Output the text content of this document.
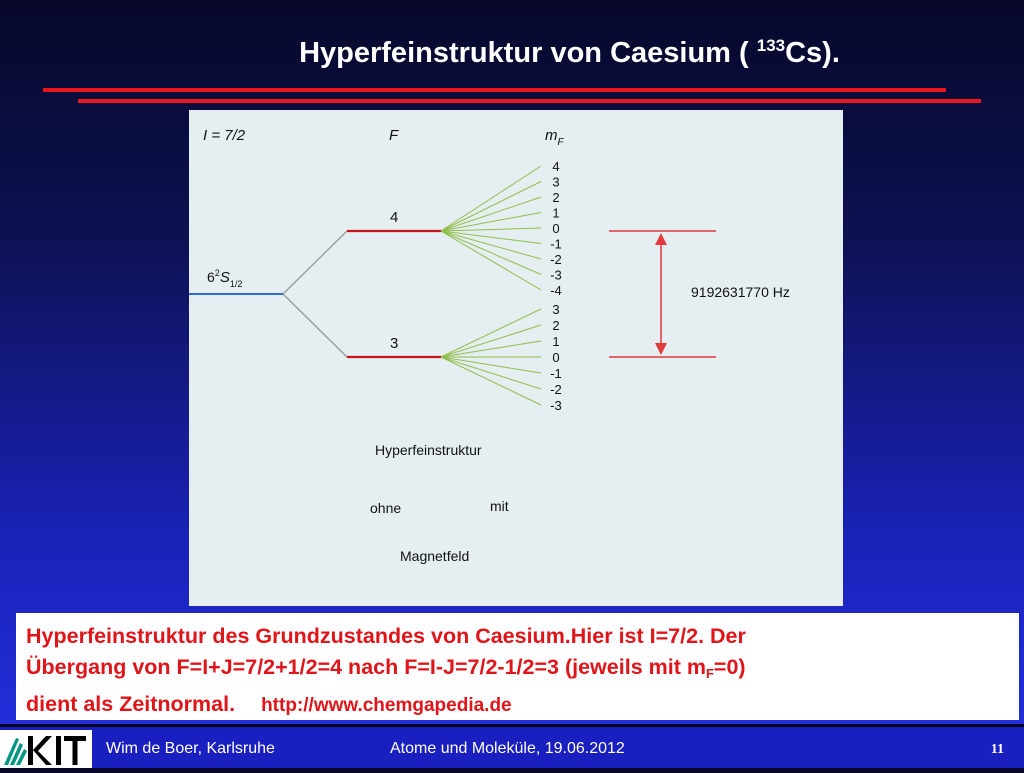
Hyperfeinstruktur von Caesium ( $^{133}$Cs).
I = 7/2	F	$m_F$
$6^2S_{1/2}$
4
3
4
3
2
1
0
-1
-2
-3
-4
3
2
1
0
-1
-2
-3
9192631770 Hz
Hyperfeinstruktur
ohne	mit
Magnetfeld
Hyperfeinstruktur des Grundzustandes von Caesium.Hier ist I=7/2. Der
Übergang von F=I+J=7/2+1/2=4 nach F=I-J=7/2-1/2=3 (jeweils mit $m_F=0$)
dient als Zeitnormal. http://www.chemgapedia.de
Wim de Boer, Karlsruhe	Atome und Moleküle, 19.06.2012	11
